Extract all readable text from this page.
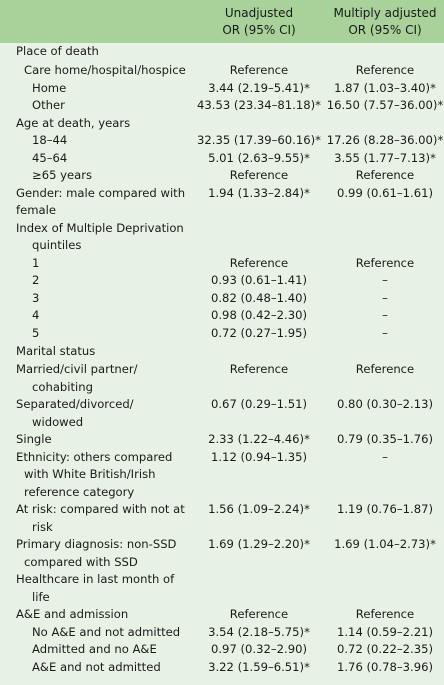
Unadjusted
OR (95% CI)
Multiply adjusted
OR (95% CI)
Place of death
Care home/hospital/hospice	Reference	Reference
Home	3.44 (2.19–5.41)*	1.87 (1.03–3.40)*
Other	43.53 (23.34–81.18)* 16.50 (7.57–36.00)*
Age at death, years
18–44	32.35 (17.39–60.16)* 17.26 (8.28–36.00)*
45–64	5.01 (2.63–9.55)*	3.55 (1.77–7.13)*
≥65 years	Reference	Reference
Gender: male compared with	1.94 (1.33–2.84)*	0.99 (0.61–1.61)
female
Index of Multiple Deprivation
quintiles
1	Reference	Reference
2	0.93 (0.61–1.41)	–
3	0.82 (0.48–1.40)	–
4	0.98 (0.42–2.30)	–
5	0.72 (0.27–1.95)	–
Marital status
Married/civil partner/	Reference	Reference
cohabiting
Separated/divorced/	0.67 (0.29–1.51)	0.80 (0.30–2.13)
widowed
Single	2.33 (1.22–4.46)*	0.79 (0.35–1.76)
Ethnicity: others compared	1.12 (0.94–1.35)	–
with White British/Irish
reference category
At risk: compared with not at	1.56 (1.09–2.24)*	1.19 (0.76–1.87)
risk
Primary diagnosis: non-SSD	1.69 (1.29–2.20)*	1.69 (1.04–2.73)*
compared with SSD
Healthcare in last month of
life
A&E and admission	Reference	Reference
No A&E and not admitted	3.54 (2.18–5.75)*	1.14 (0.59–2.21)
Admitted and no A&E	0.97 (0.32–2.90)	0.72 (0.22–2.35)
A&E and not admitted	3.22 (1.59–6.51)*	1.76 (0.78–3.96)
